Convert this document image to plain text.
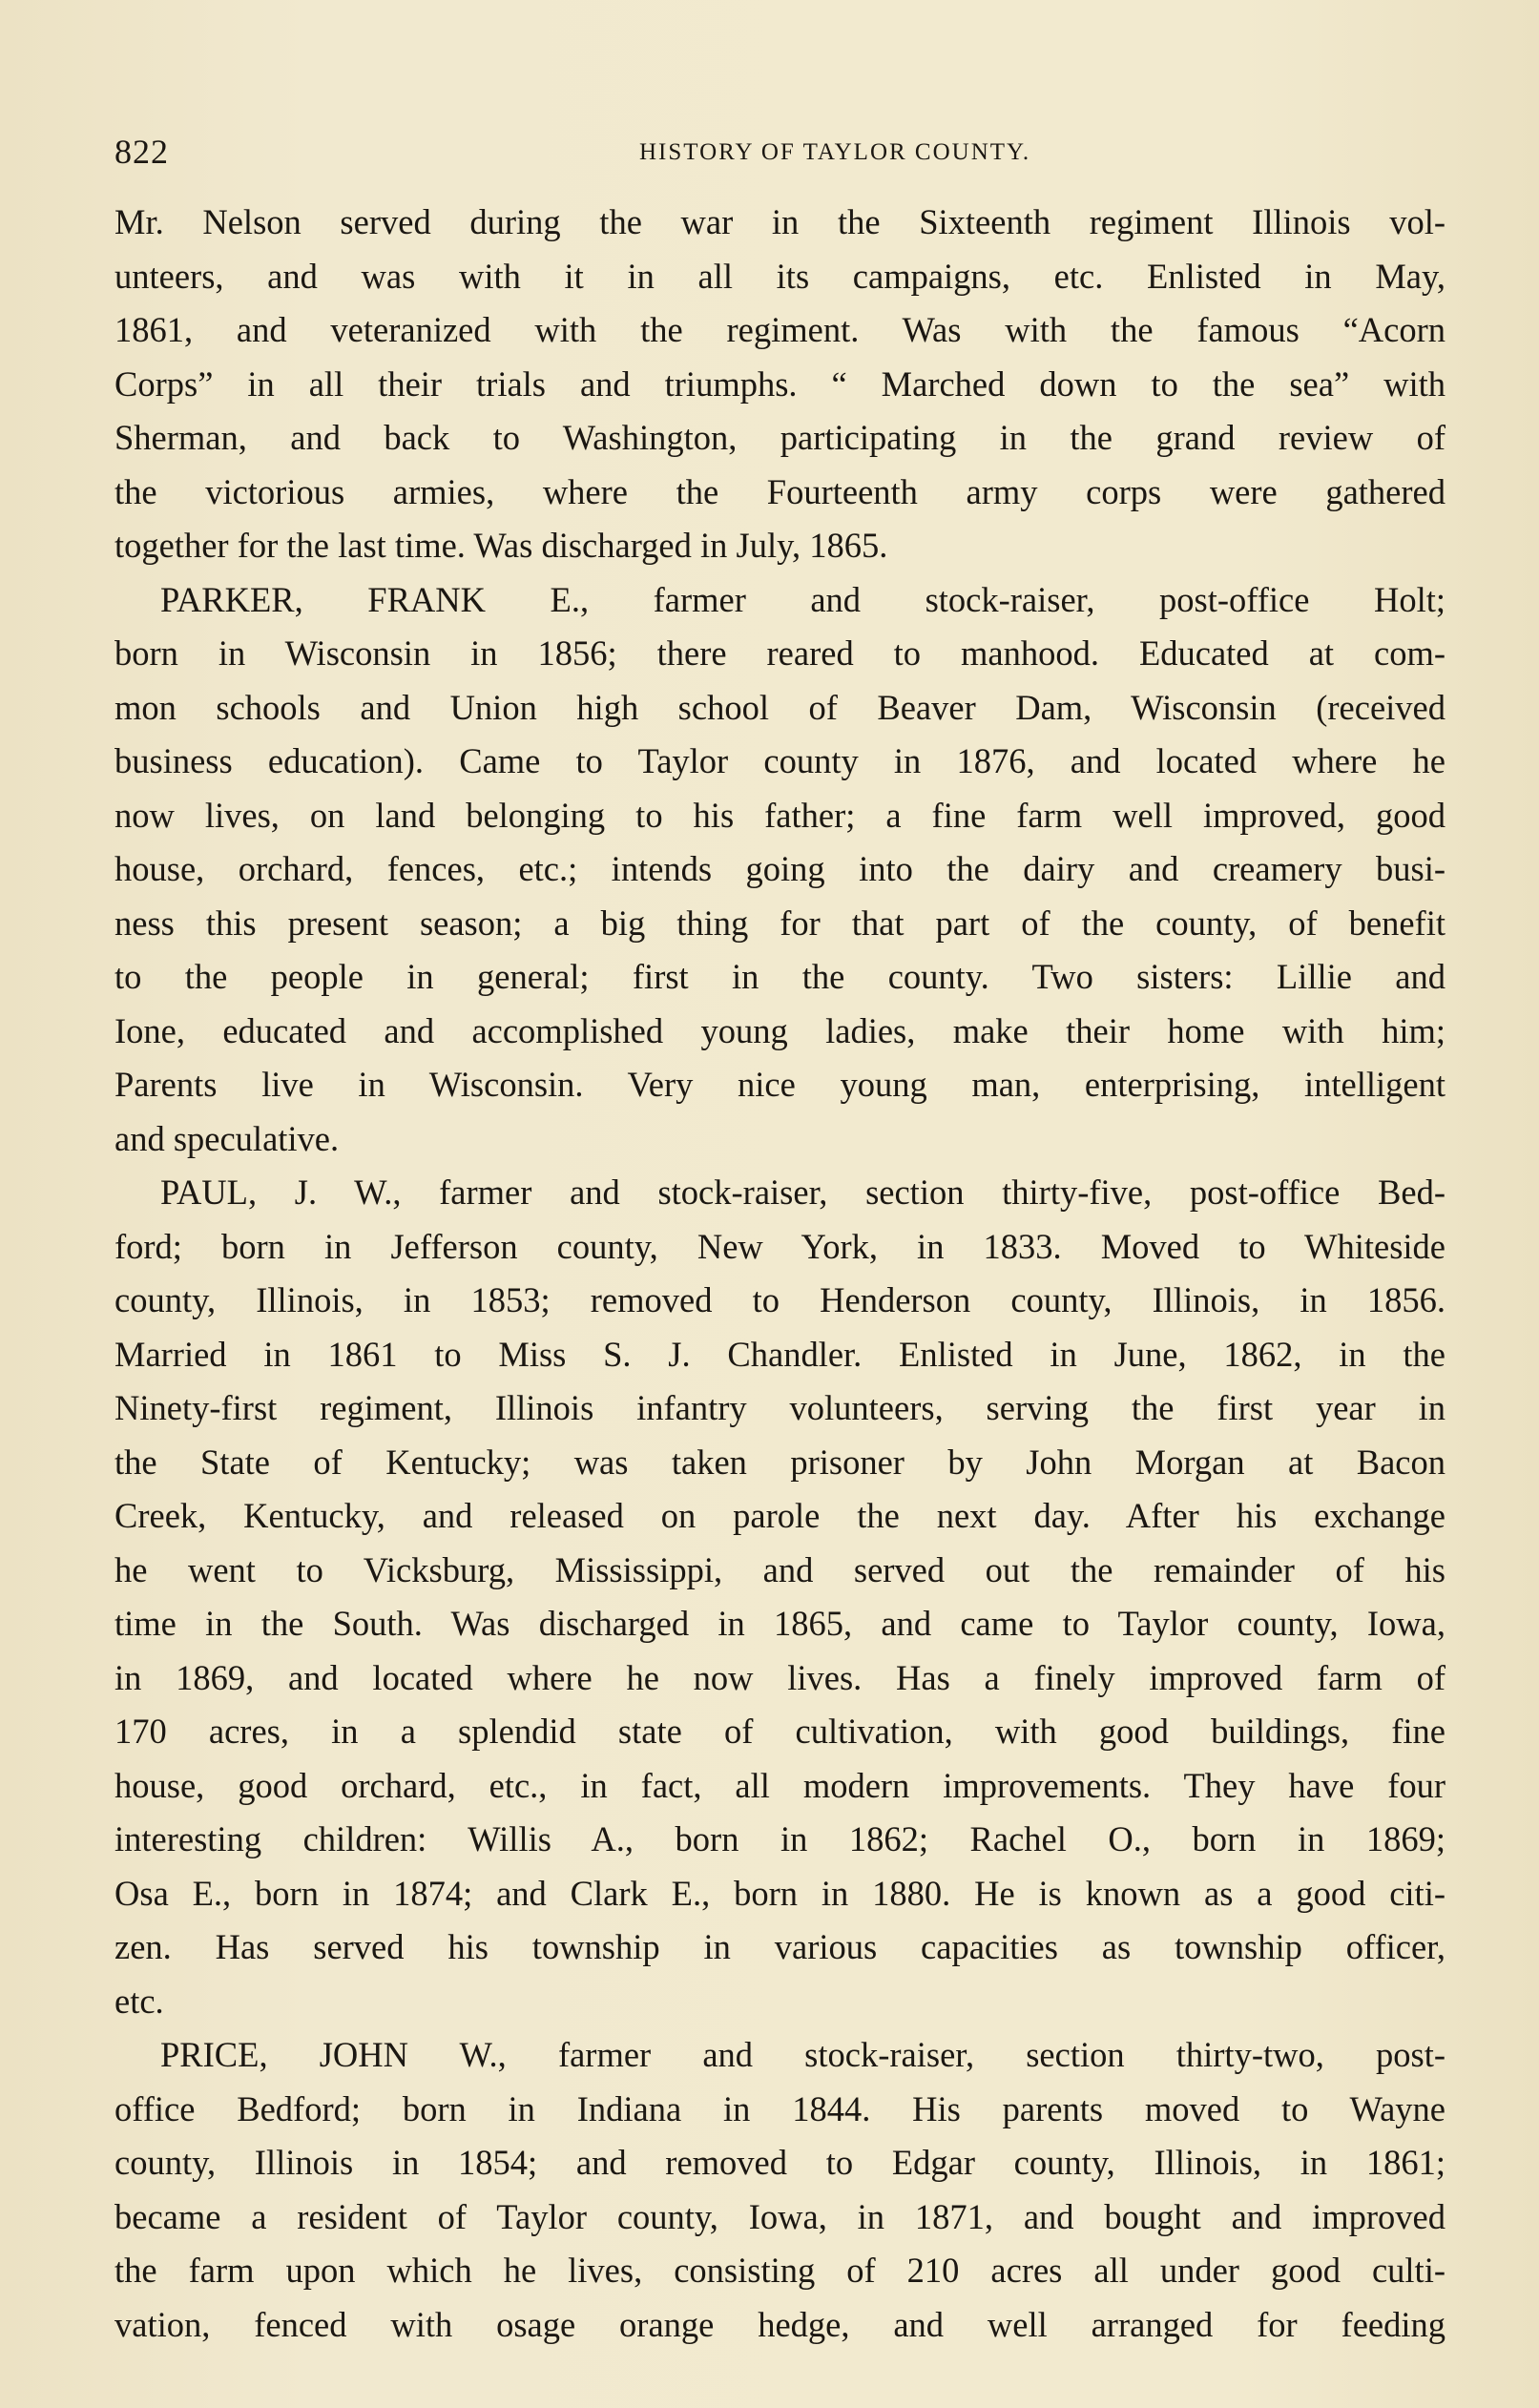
822	HISTORY OF TAYLOR COUNTY.
Mr. Nelson served during the war in the Sixteenth regiment Illinois vol-
unteers, and was with it in all its campaigns, etc. Enlisted in May,
1861, and veteranized with the regiment. Was with the famous “Acorn
Corps” in all their trials and triumphs. “ Marched down to the sea” with
Sherman, and back to Washington, participating in the grand review of
the victorious armies, where the Fourteenth army corps were gathered
together for the last time. Was discharged in July, 1865.
PARKER, FRANK E., farmer and stock-raiser, post-office Holt;
born in Wisconsin in 1856; there reared to manhood. Educated at com-
mon schools and Union high school of Beaver Dam, Wisconsin (received
business education). Came to Taylor county in 1876, and located where he
now lives, on land belonging to his father; a fine farm well improved, good
house, orchard, fences, etc.; intends going into the dairy and creamery busi-
ness this present season; a big thing for that part of the county, of benefit
to the people in general; first in the county. Two sisters: Lillie and
Ione, educated and accomplished young ladies, make their home with him;
Parents live in Wisconsin. Very nice young man, enterprising, intelligent
and speculative.
PAUL, J. W., farmer and stock-raiser, section thirty-five, post-office Bed-
ford; born in Jefferson county, New York, in 1833. Moved to Whiteside
county, Illinois, in 1853; removed to Henderson county, Illinois, in 1856.
Married in 1861 to Miss S. J. Chandler. Enlisted in June, 1862, in the
Ninety-first regiment, Illinois infantry volunteers, serving the first year in
the State of Kentucky; was taken prisoner by John Morgan at Bacon
Creek, Kentucky, and released on parole the next day. After his exchange
he went to Vicksburg, Mississippi, and served out the remainder of his
time in the South. Was discharged in 1865, and came to Taylor county, Iowa,
in 1869, and located where he now lives. Has a finely improved farm of
170 acres, in a splendid state of cultivation, with good buildings, fine
house, good orchard, etc., in fact, all modern improvements. They have four
interesting children: Willis A., born in 1862; Rachel O., born in 1869;
Osa E., born in 1874; and Clark E., born in 1880. He is known as a good citi-
zen. Has served his township in various capacities as township officer,
etc.
PRICE, JOHN W., farmer and stock-raiser, section thirty-two, post-
office Bedford; born in Indiana in 1844. His parents moved to Wayne
county, Illinois in 1854; and removed to Edgar county, Illinois, in 1861;
became a resident of Taylor county, Iowa, in 1871, and bought and improved
the farm upon which he lives, consisting of 210 acres all under good culti-
vation, fenced with osage orange hedge, and well arranged for feeding
